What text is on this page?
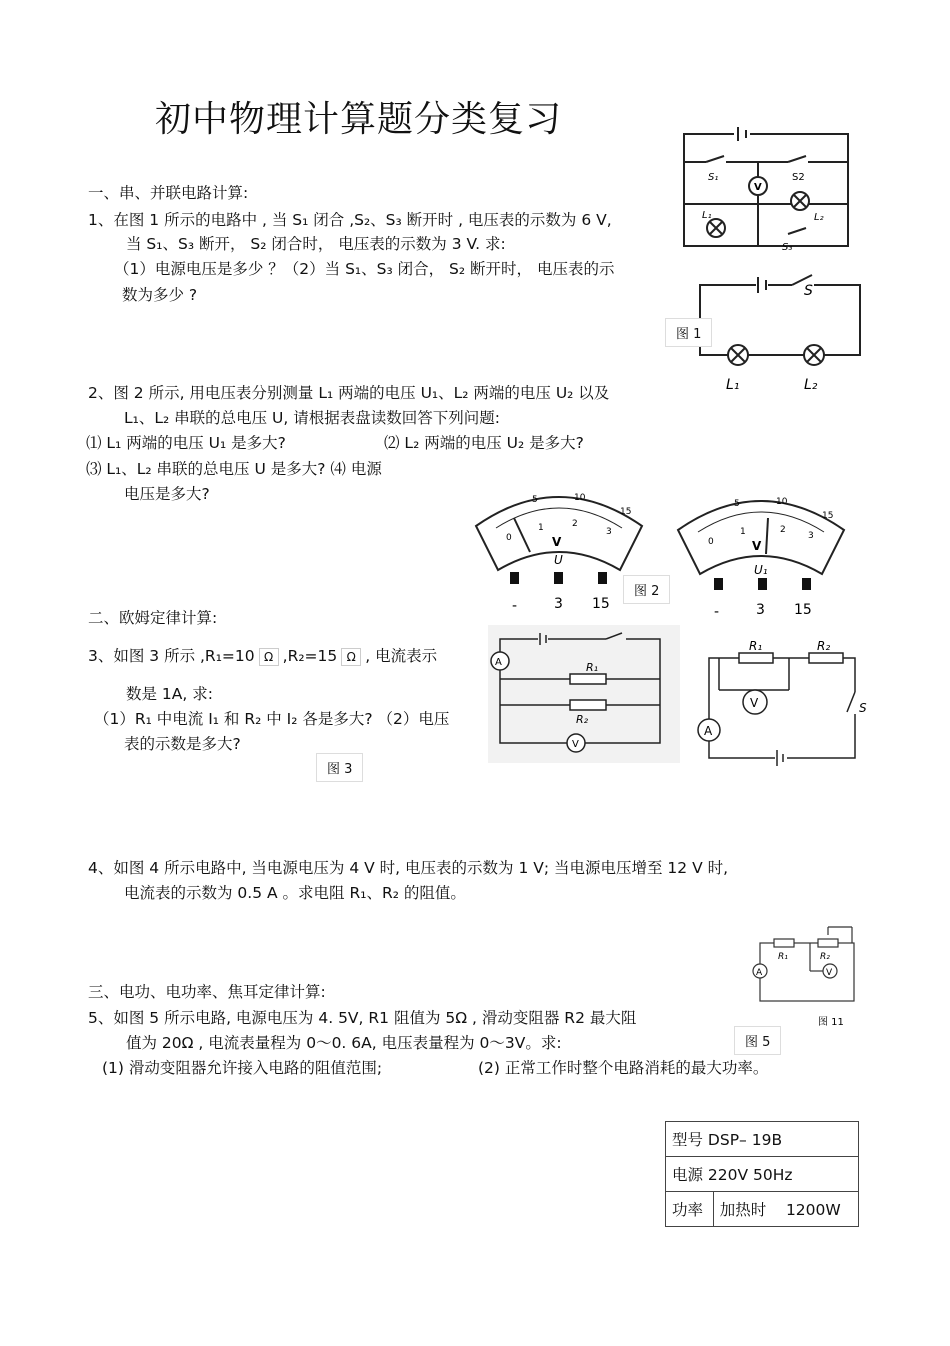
初中物理计算题分类复习
一、串、并联电路计算:
1、在图 1 所示的电路中 , 当 S₁ 闭合 ,S₂、S₃ 断开时 , 电压表的示数为 6 V,
当 S₁、S₃ 断开， S₂ 闭合时， 电压表的示数为 3 V. 求:
（1）电源电压是多少 ？（2）当 S₁、S₃ 闭合， S₂ 断开时， 电压表的示
数为多少 ?
2、图 2 所示, 用电压表分别测量 L₁ 两端的电压 U₁、L₂ 两端的电压 U₂ 以及
L₁、L₂ 串联的总电压 U, 请根据表盘读数回答下列问题:
⑴ L₁ 两端的电压 U₁ 是多大?	⑵ L₂ 两端的电压 U₂ 是多大?
⑶ L₁、L₂ 串联的总电压 U 是多大? ⑷ 电源
电压是多大?
二、欧姆定律计算:
3、如图 3 所示 ,R₁=10 Ω ,R₂=15 Ω , 电流表示
数是 1A, 求:
（1）R₁ 中电流 I₁ 和 R₂ 中 I₂ 各是多大? （2）电压
表的示数是多大?
4、如图 4 所示电路中, 当电源电压为 4 V 时, 电压表的示数为 1 V; 当电源电压增至 12 V 时,
电流表的示数为 0.5 A 。求电阻 R₁、R₂ 的阻值。
三、电功、电功率、焦耳定律计算:
5、如图 5 所示电路, 电源电压为 4. 5V, R1 阻值为 5Ω , 滑动变阻器 R2 最大阻
值为 20Ω , 电流表量程为 0～0. 6A, 电压表量程为 0～3V。求:
(1) 滑动变阻器允许接入电路的阻值范围;	(2) 正常工作时整个电路消耗的最大功率。
S₁	S2
V
L₁	L₂
S₃
S
L₁	L₂
图 1
0
5	10
15
1	2
3
V
U
-	3 15
0
5	10
15
1	2
3
V
U₁
-	3 15
图 2
A
V
R₁
R₂
R₁	R₂
V
A
S
图 3
A	V
R₁	R₂
图 11
图 5
型号 DSP– 19B
电源 220V 50Hz
功率	加热时 1200W
